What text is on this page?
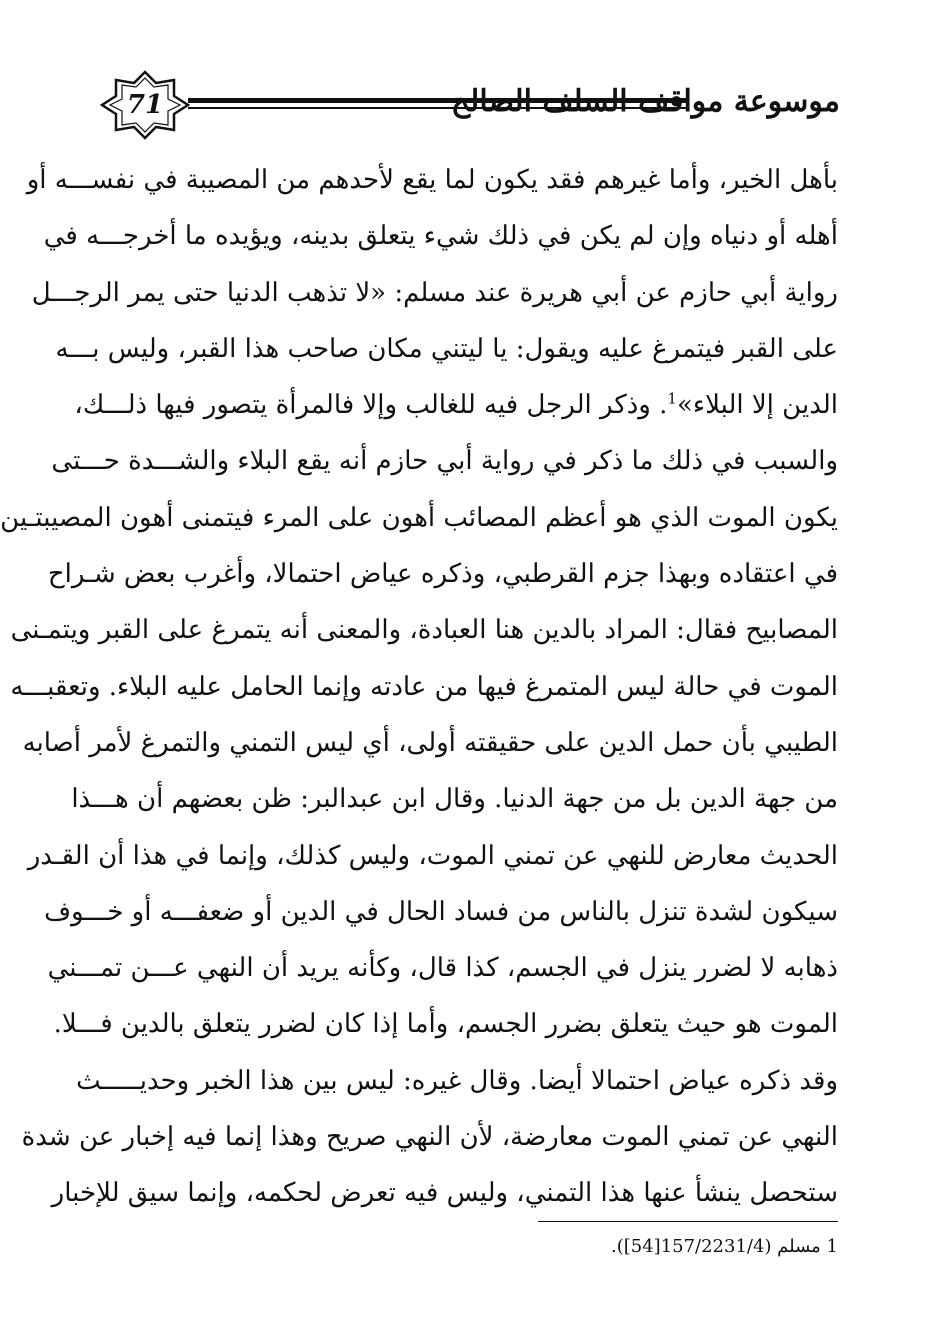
71	موسوعة مواقف السلف الصالح
بأهل الخير، وأما غيرهم فقد يكون لما يقع لأحدهم من المصيبة في نفســـه أو
أهله أو دنياه وإن لم يكن في ذلك شيء يتعلق بدينه، ويؤيده ما أخرجـــه في
رواية أبي حازم عن أبي هريرة عند مسلم: «لا تذهب الدنيا حتى يمر الرجـــل
على القبر فيتمرغ عليه ويقول: يا ليتني مكان صاحب هذا القبر، وليس بـــه
الدين إلا البلاء»$^1$. وذكر الرجل فيه للغالب وإلا فالمرأة يتصور فيها ذلـــك،
والسبب في ذلك ما ذكر في رواية أبي حازم أنه يقع البلاء والشـــدة حـــتى
يكون الموت الذي هو أعظم المصائب أهون على المرء فيتمنى أهون المصيبتـين
في اعتقاده وبهذا جزم القرطبي، وذكره عياض احتمالا، وأغرب بعض شـراح
المصابيح فقال: المراد بالدين هنا العبادة، والمعنى أنه يتمرغ على القبر ويتمـنى
الموت في حالة ليس المتمرغ فيها من عادته وإنما الحامل عليه البلاء. وتعقبـــه
الطيبي بأن حمل الدين على حقيقته أولى، أي ليس التمني والتمرغ لأمر أصابه
من جهة الدين بل من جهة الدنيا. وقال ابن عبدالبر: ظن بعضهم أن هـــذا
الحديث معارض للنهي عن تمني الموت، وليس كذلك، وإنما في هذا أن القـدر
سيكون لشدة تنزل بالناس من فساد الحال في الدين أو ضعفـــه أو خـــوف
ذهابه لا لضرر ينزل في الجسم، كذا قال، وكأنه يريد أن النهي عـــن تمـــني
الموت هو حيث يتعلق بضرر الجسم، وأما إذا كان لضرر يتعلق بالدين فـــلا.
وقد ذكره عياض احتمالا أيضا. وقال غيره: ليس بين هذا الخبر وحديـــــث
النهي عن تمني الموت معارضة، لأن النهي صريح وهذا إنما فيه إخبار عن شدة
ستحصل ينشأ عنها هذا التمني، وليس فيه تعرض لحكمه، وإنما سيق للإخبار
1 مسلم (157/2231/4[54]).
